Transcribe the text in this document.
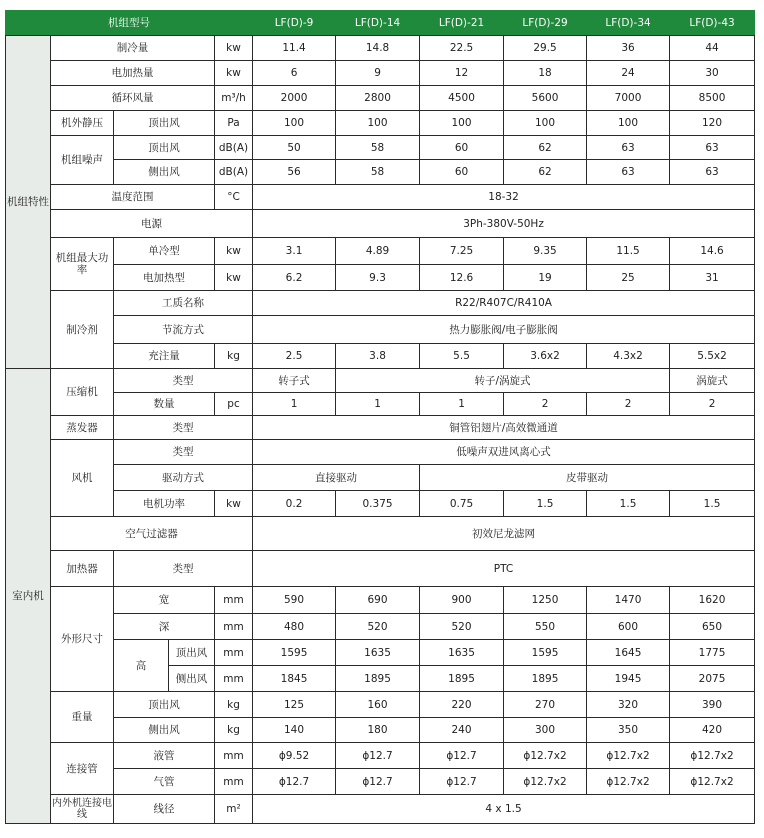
机组型号					LF(D)-9	LF(D)-14	LF(D)-21	LF(D)-29	LF(D)-34	LF(D)-43
机组特性	制冷量			kw	11.4	14.8	22.5	29.5	36	44
	电加热量			kw	6	9	12	18	24	30
	循环风量			m³/h	2000	2800	4500	5600	7000	8500
	机外静压	顶出风		Pa	100	100	100	100	100	120
	机组噪声	顶出风		dB(A)	50	58	60	62	63	63
		侧出风		dB(A)	56	58	60	62	63	63
	温度范围			°C	18-32					
	电源				3Ph-380V-50Hz					
	机组最大功率	单冷型		kw	3.1	4.89	7.25	9.35	11.5	14.6
		电加热型		kw	6.2	9.3	12.6	19	25	31
	制冷剂	工质名称			R22/R407C/R410A					
		节流方式			热力膨胀阀/电子膨胀阀					
		充注量		kg	2.5	3.8	5.5	3.6x2	4.3x2	5.5x2
室内机	压缩机	类型			转子式	转子/涡旋式				涡旋式
		数量		pc	1	1	1	2	2	2
	蒸发器	类型			铜管铝翅片/高效微通道					
	风机	类型			低噪声双进风离心式					
		驱动方式			直接驱动		皮带驱动			
		电机功率		kw	0.2	0.375	0.75	1.5	1.5	1.5
	空气过滤器				初效尼龙滤网					
	加热器	类型			PTC					
	外形尺寸	宽		mm	590	690	900	1250	1470	1620
		深		mm	480	520	520	550	600	650
		高	顶出风	mm	1595	1635	1635	1595	1645	1775
			侧出风	mm	1845	1895	1895	1895	1945	2075
	重量	顶出风		kg	125	160	220	270	320	390
		侧出风		kg	140	180	240	300	350	420
	连接管	液管		mm	ϕ9.52	ϕ12.7	ϕ12.7	ϕ12.7x2	ϕ12.7x2	ϕ12.7x2
		气管		mm	ϕ12.7	ϕ12.7	ϕ12.7	ϕ12.7x2	ϕ12.7x2	ϕ12.7x2
	内外机连接电线	线径		m²	4 x 1.5					
